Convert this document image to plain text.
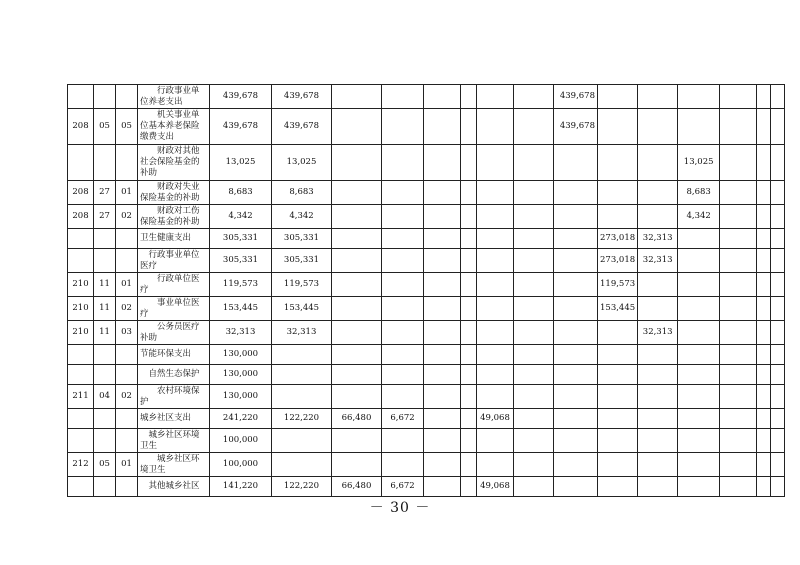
			　　行政事业单位养老支出	439,678	439,678							439,678						
208	05	05	　　机关事业单位基本养老保险缴费支出	439,678	439,678							439,678						
			　　财政对其他社会保险基金的补助	13,025	13,025										13,025			
208	27	01	　　财政对失业保险基金的补助	8,683	8,683										8,683			
208	27	02	　　财政对工伤保险基金的补助	4,342	4,342										4,342			
			卫生健康支出	305,331	305,331								273,018	32,313				
			　行政事业单位医疗	305,331	305,331								273,018	32,313				
210	11	01	　　行政单位医疗	119,573	119,573								119,573					
210	11	02	　　事业单位医疗	153,445	153,445								153,445					
210	11	03	　　公务员医疗补助	32,313	32,313									32,313				
			节能环保支出	130,000														
			　自然生态保护	130,000														
211	04	02	　　农村环境保护	130,000														
			城乡社区支出	241,220	122,220	66,480	6,672			49,068								
			　城乡社区环境卫生	100,000														
212	05	01	　　城乡社区环境卫生	100,000														
			　其他城乡社区	141,220	122,220	66,480	6,672			49,068								
－ 30 －
